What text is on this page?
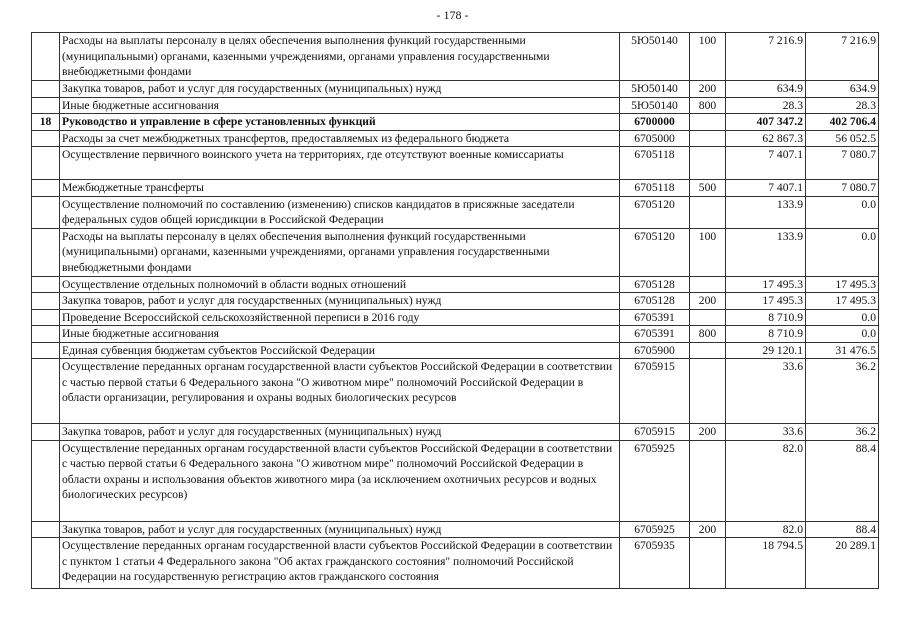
- 178 -
	Расходы на выплаты персоналу в целях обеспечения выполнения функций государственными (муниципальными) органами, казенными учреждениями, органами управления государственными внебюджетными фондами	5Ю50140	100	7 216.9	7 216.9
	Закупка товаров, работ и услуг для государственных (муниципальных) нужд	5Ю50140	200	634.9	634.9
	Иные бюджетные ассигнования	5Ю50140	800	28.3	28.3
18	Руководство и управление в сфере установленных функций	6700000		407 347.2	402 706.4
	Расходы за счет межбюджетных трансфертов, предоставляемых из федерального бюджета	6705000		62 867.3	56 052.5
	Осуществление первичного воинского учета на территориях, где отсутствуют военные комиссариаты	6705118		7 407.1	7 080.7
	Межбюджетные трансферты	6705118	500	7 407.1	7 080.7
	Осуществление полномочий по составлению (изменению) списков кандидатов в присяжные заседатели федеральных судов общей юрисдикции в Российской Федерации	6705120		133.9	0.0
	Расходы на выплаты персоналу в целях обеспечения выполнения функций государственными (муниципальными) органами, казенными учреждениями, органами управления государственными внебюджетными фондами	6705120	100	133.9	0.0
	Осуществление отдельных полномочий в области водных отношений	6705128		17 495.3	17 495.3
	Закупка товаров, работ и услуг для государственных (муниципальных) нужд	6705128	200	17 495.3	17 495.3
	Проведение Всероссийской сельскохозяйственной переписи в 2016 году	6705391		8 710.9	0.0
	Иные бюджетные ассигнования	6705391	800	8 710.9	0.0
	Единая субвенция бюджетам субъектов Российской Федерации	6705900		29 120.1	31 476.5
	Осуществление переданных органам государственной власти субъектов Российской Федерации в соответствии с частью первой статьи 6 Федерального закона "О животном мире" полномочий Российской Федерации в области организации, регулирования и охраны водных биологических ресурсов	6705915		33.6	36.2
	Закупка товаров, работ и услуг для государственных (муниципальных) нужд	6705915	200	33.6	36.2
	Осуществление переданных органам государственной власти субъектов Российской Федерации в соответствии с частью первой статьи 6 Федерального закона "О животном мире" полномочий Российской Федерации в области охраны и использования объектов животного мира (за исключением охотничьих ресурсов и водных биологических ресурсов)	6705925		82.0	88.4
	Закупка товаров, работ и услуг для государственных (муниципальных) нужд	6705925	200	82.0	88.4
	Осуществление переданных органам государственной власти субъектов Российской Федерации в соответствии с пунктом 1 статьи 4 Федерального закона "Об актах гражданского состояния" полномочий Российской Федерации на государственную регистрацию актов гражданского состояния	6705935		18 794.5	20 289.1
